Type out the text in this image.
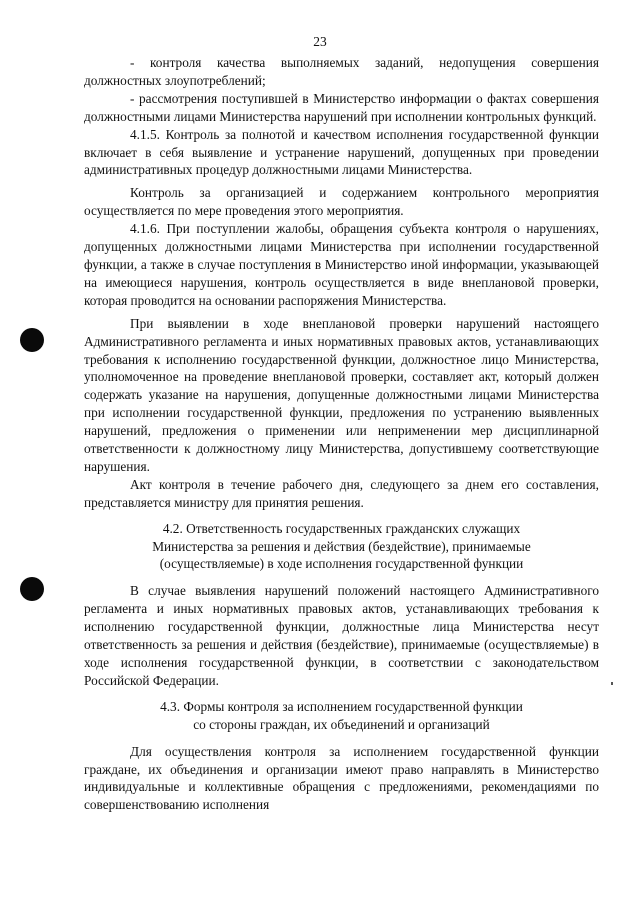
23

- контроля качества выполняемых заданий, недопущения совершения должностных злоупотреблений;

- рассмотрения поступившей в Министерство информации о фактах совершения должностными лицами Министерства нарушений при исполнении контрольных функций.

4.1.5. Контроль за полнотой и качеством исполнения государственной функции включает в себя выявление и устранение нарушений, допущенных при проведении административных процедур должностными лицами Министерства.

Контроль за организацией и содержанием контрольного мероприятия осуществляется по мере проведения этого мероприятия.

4.1.6. При поступлении жалобы, обращения субъекта контроля о нарушениях, допущенных должностными лицами Министерства при исполнении государственной функции, а также в случае поступления в Министерство иной информации, указывающей на имеющиеся нарушения, контроль осуществляется в виде внеплановой проверки, которая проводится на основании распоряжения Министерства.

При выявлении в ходе внеплановой проверки нарушений настоящего Административного регламента и иных нормативных правовых актов, устанавливающих требования к исполнению государственной функции, должностное лицо Министерства, уполномоченное на проведение внеплановой проверки, составляет акт, который должен содержать указание на нарушения, допущенные должностными лицами Министерства при исполнении государственной функции, предложения по устранению выявленных нарушений, предложения о применении или неприменении мер дисциплинарной ответственности к должностному лицу Министерства, допустившему соответствующие нарушения.

Акт контроля в течение рабочего дня, следующего за днем его составления, представляется министру для принятия решения.

4.2. Ответственность государственных гражданских служащих
Министерства за решения и действия (бездействие), принимаемые
(осуществляемые) в ходе исполнения государственной функции

В случае выявления нарушений положений настоящего Административного регламента и иных нормативных правовых актов, устанавливающих требования к исполнению государственной функции, должностные лица Министерства несут ответственность за решения и действия (бездействие), принимаемые (осуществляемые) в ходе исполнения государственной функции, в соответствии с законодательством Российской Федерации.

4.3. Формы контроля за исполнением государственной функции
со стороны граждан, их объединений и организаций

Для осуществления контроля за исполнением государственной функции граждане, их объединения и организации имеют право направлять в Министерство индивидуальные и коллективные обращения с предложениями, рекомендациями по совершенствованию исполнения
